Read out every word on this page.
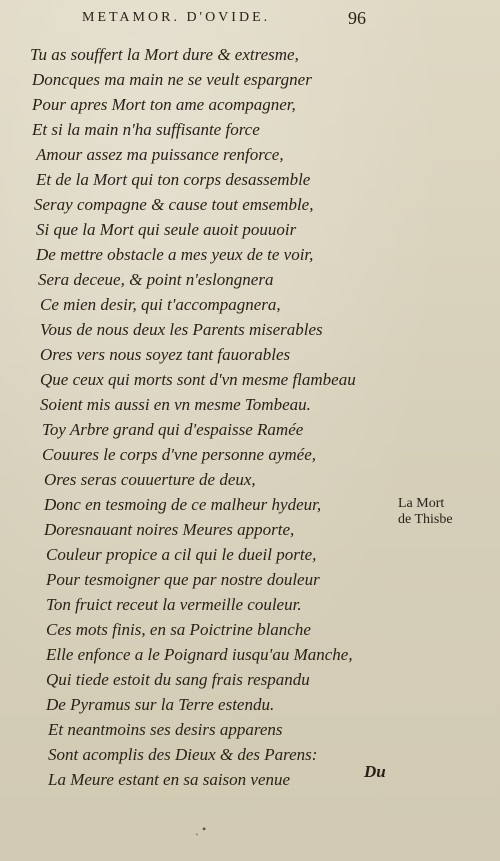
METAMOR. D'OVIDE.	96
Tu as souffert la Mort dure & extresme,
Doncques ma main ne se veult espargner
Pour apres Mort ton ame acompagner,
Et si la main n'ha suffisante force
Amour assez ma puissance renforce,
Et de la Mort qui ton corps desassemble
Seray compagne & cause tout emsemble,
Si que la Mort qui seule auoit pouuoir
De mettre obstacle a mes yeux de te voir,
Sera deceue, & point n'eslongnera
Ce mien desir, qui t'accompagnera,
Vous de nous deux les Parents miserables
Ores vers nous soyez tant fauorables
Que ceux qui morts sont d'vn mesme flambeau
Soient mis aussi en vn mesme Tombeau.
Toy Arbre grand qui d'espaisse Ramée
Couures le corps d'vne personne aymée,
Ores seras couuerture de deux,
Donc en tesmoing de ce malheur hydeur,
Doresnauant noires Meures apporte,
Couleur propice a cil qui le dueil porte,
Pour tesmoigner que par nostre douleur
Ton fruict receut la vermeille couleur.
Ces mots finis, en sa Poictrine blanche
Elle enfonce a le Poignard iusqu'au Manche,
Qui tiede estoit du sang frais respandu
De Pyramus sur la Terre estendu.
Et neantmoins ses desirs apparens
Sont acomplis des Dieux & des Parens:
La Meure estant en sa saison venue
La Mort
de Thisbe
Du
ˎ •
